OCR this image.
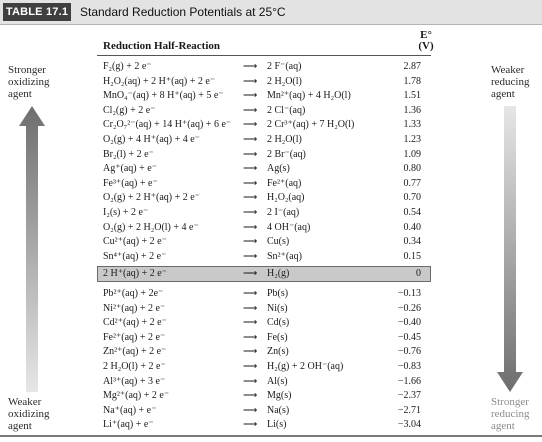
TABLE 17.1 Standard Reduction Potentials at 25°C
Stronger
oxidizing
agent
Weaker
oxidizing
agent
Weaker
reducing
agent
Stronger
reducing
agent
Reduction Half-Reaction
E°
(V)
F₂(g) + 2 e⁻	⟶ 2 F⁻(aq)	2.87
H₂O₂(aq) + 2 H⁺(aq) + 2 e⁻	⟶ 2 H₂O(l)	1.78
MnO₄⁻(aq) + 8 H⁺(aq) + 5 e⁻ ⟶ Mn²⁺(aq) + 4 H₂O(l)	1.51
Cl₂(g) + 2 e⁻	⟶ 2 Cl⁻(aq)	1.36
Cr₂O₇²⁻(aq) + 14 H⁺(aq) + 6 e⁻ ⟶ 2 Cr³⁺(aq) + 7 H₂O(l)	1.33
O₂(g) + 4 H⁺(aq) + 4 e⁻	⟶ 2 H₂O(l)	1.23
Br₂(l) + 2 e⁻	⟶ 2 Br⁻(aq)	1.09
Ag⁺(aq) + e⁻	⟶ Ag(s)	0.80
Fe³⁺(aq) + e⁻	⟶ Fe²⁺(aq)	0.77
O₂(g) + 2 H⁺(aq) + 2 e⁻	⟶ H₂O₂(aq)	0.70
I₂(s) + 2 e⁻	⟶ 2 I⁻(aq)	0.54
O₂(g) + 2 H₂O(l) + 4 e⁻	⟶ 4 OH⁻(aq)	0.40
Cu²⁺(aq) + 2 e⁻	⟶ Cu(s)	0.34
Sn⁴⁺(aq) + 2 e⁻	⟶ Sn²⁺(aq)	0.15
2 H⁺(aq) + 2 e⁻	⟶ H₂(g)	0
Pb²⁺(aq) + 2e⁻	⟶ Pb(s)	−0.13
Ni²⁺(aq) + 2 e⁻	⟶ Ni(s)	−0.26
Cd²⁺(aq) + 2 e⁻	⟶ Cd(s)	−0.40
Fe²⁺(aq) + 2 e⁻	⟶ Fe(s)	−0.45
Zn²⁺(aq) + 2 e⁻	⟶ Zn(s)	−0.76
2 H₂O(l) + 2 e⁻	⟶ H₂(g) + 2 OH⁻(aq)	−0.83
Al³⁺(aq) + 3 e⁻	⟶ Al(s)	−1.66
Mg²⁺(aq) + 2 e⁻	⟶ Mg(s)	−2.37
Na⁺(aq) + e⁻	⟶ Na(s)	−2.71
Li⁺(aq) + e⁻	⟶ Li(s)	−3.04
